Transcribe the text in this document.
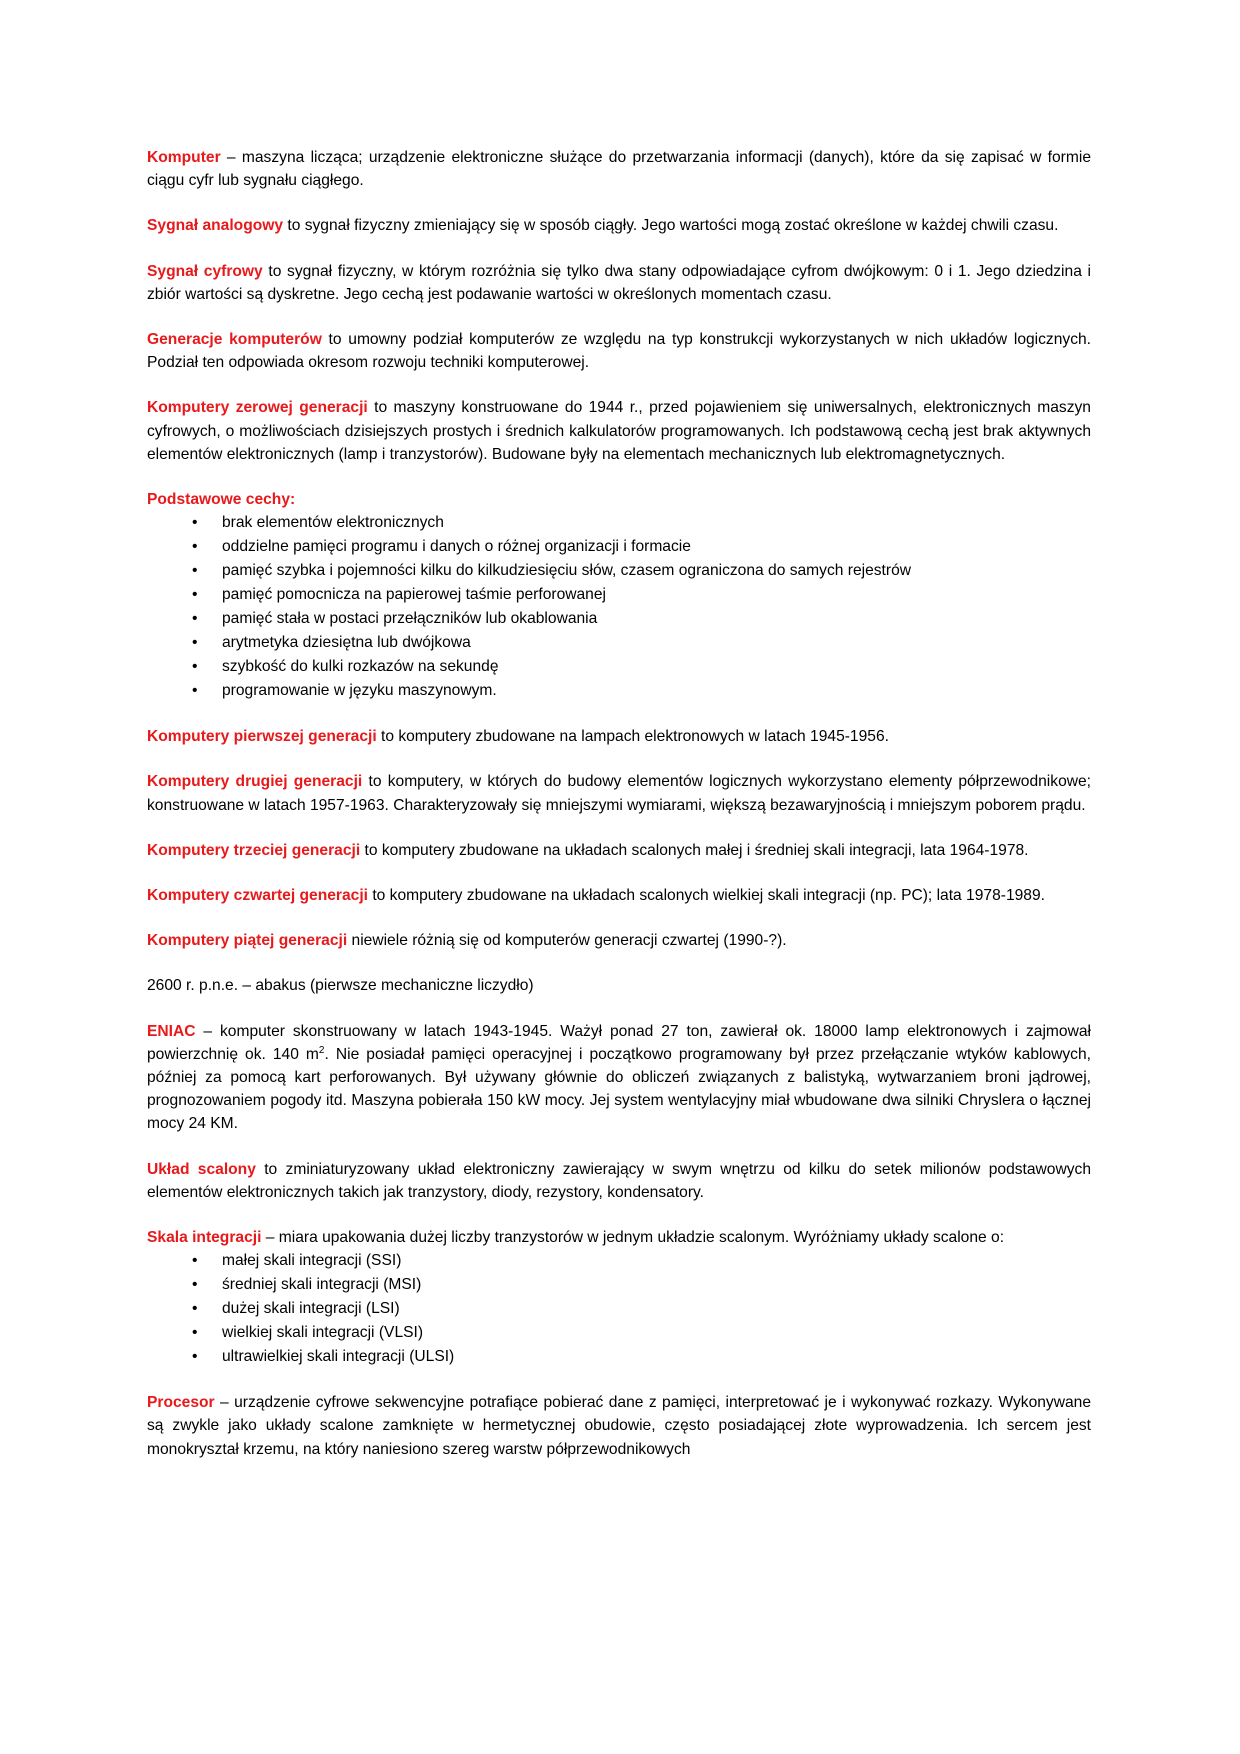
Komputer – maszyna licząca; urządzenie elektroniczne służące do przetwarzania informacji (danych), które da się zapisać w formie ciągu cyfr lub sygnału ciągłego.

Sygnał analogowy to sygnał fizyczny zmieniający się w sposób ciągły. Jego wartości mogą zostać określone w każdej chwili czasu.

Sygnał cyfrowy to sygnał fizyczny, w którym rozróżnia się tylko dwa stany odpowiadające cyfrom dwójkowym: 0 i 1. Jego dziedzina i zbiór wartości są dyskretne. Jego cechą jest podawanie wartości w określonych momentach czasu.

Generacje komputerów to umowny podział komputerów ze względu na typ konstrukcji wykorzystanych w nich układów logicznych. Podział ten odpowiada okresom rozwoju techniki komputerowej.

Komputery zerowej generacji to maszyny konstruowane do 1944 r., przed pojawieniem się uniwersalnych, elektronicznych maszyn cyfrowych, o możliwościach dzisiejszych prostych i średnich kalkulatorów programowanych. Ich podstawową cechą jest brak aktywnych elementów elektronicznych (lamp i tranzystorów). Budowane były na elementach mechanicznych lub elektromagnetycznych.

Podstawowe cechy:

• brak elementów elektronicznych
• oddzielne pamięci programu i danych o różnej organizacji i formacie
• pamięć szybka i pojemności kilku do kilkudziesięciu słów, czasem ograniczona do samych rejestrów
• pamięć pomocnicza na papierowej taśmie perforowanej
• pamięć stała w postaci przełączników lub okablowania
• arytmetyka dziesiętna lub dwójkowa
• szybkość do kulki rozkazów na sekundę
• programowanie w języku maszynowym.

Komputery pierwszej generacji to komputery zbudowane na lampach elektronowych w latach 1945-1956.

Komputery drugiej generacji to komputery, w których do budowy elementów logicznych wykorzystano elementy półprzewodnikowe; konstruowane w latach 1957-1963. Charakteryzowały się mniejszymi wymiarami, większą bezawaryjnością i mniejszym poborem prądu.

Komputery trzeciej generacji to komputery zbudowane na układach scalonych małej i średniej skali integracji, lata 1964-1978.

Komputery czwartej generacji to komputery zbudowane na układach scalonych wielkiej skali integracji (np. PC); lata 1978-1989.

Komputery piątej generacji niewiele różnią się od komputerów generacji czwartej (1990-?).

2600 r. p.n.e. – abakus (pierwsze mechaniczne liczydło)

ENIAC – komputer skonstruowany w latach 1943-1945. Ważył ponad 27 ton, zawierał ok. 18000 lamp elektronowych i zajmował powierzchnię ok. 140 $m^2$. Nie posiadał pamięci operacyjnej i początkowo programowany był przez przełączanie wtyków kablowych, później za pomocą kart perforowanych. Był używany głównie do obliczeń związanych z balistyką, wytwarzaniem broni jądrowej, prognozowaniem pogody itd. Maszyna pobierała 150 kW mocy. Jej system wentylacyjny miał wbudowane dwa silniki Chryslera o łącznej mocy 24 KM.

Układ scalony to zminiaturyzowany układ elektroniczny zawierający w swym wnętrzu od kilku do setek milionów podstawowych elementów elektronicznych takich jak tranzystory, diody, rezystory, kondensatory.

Skala integracji – miara upakowania dużej liczby tranzystorów w jednym układzie scalonym. Wyróżniamy układy scalone o:

• małej skali integracji (SSI)
• średniej skali integracji (MSI)
• dużej skali integracji (LSI)
• wielkiej skali integracji (VLSI)
• ultrawielkiej skali integracji (ULSI)

Procesor – urządzenie cyfrowe sekwencyjne potrafiące pobierać dane z pamięci, interpretować je i wykonywać rozkazy. Wykonywane są zwykle jako układy scalone zamknięte w hermetycznej obudowie, często posiadającej złote wyprowadzenia. Ich sercem jest monokryształ krzemu, na który naniesiono szereg warstw półprzewodnikowych
